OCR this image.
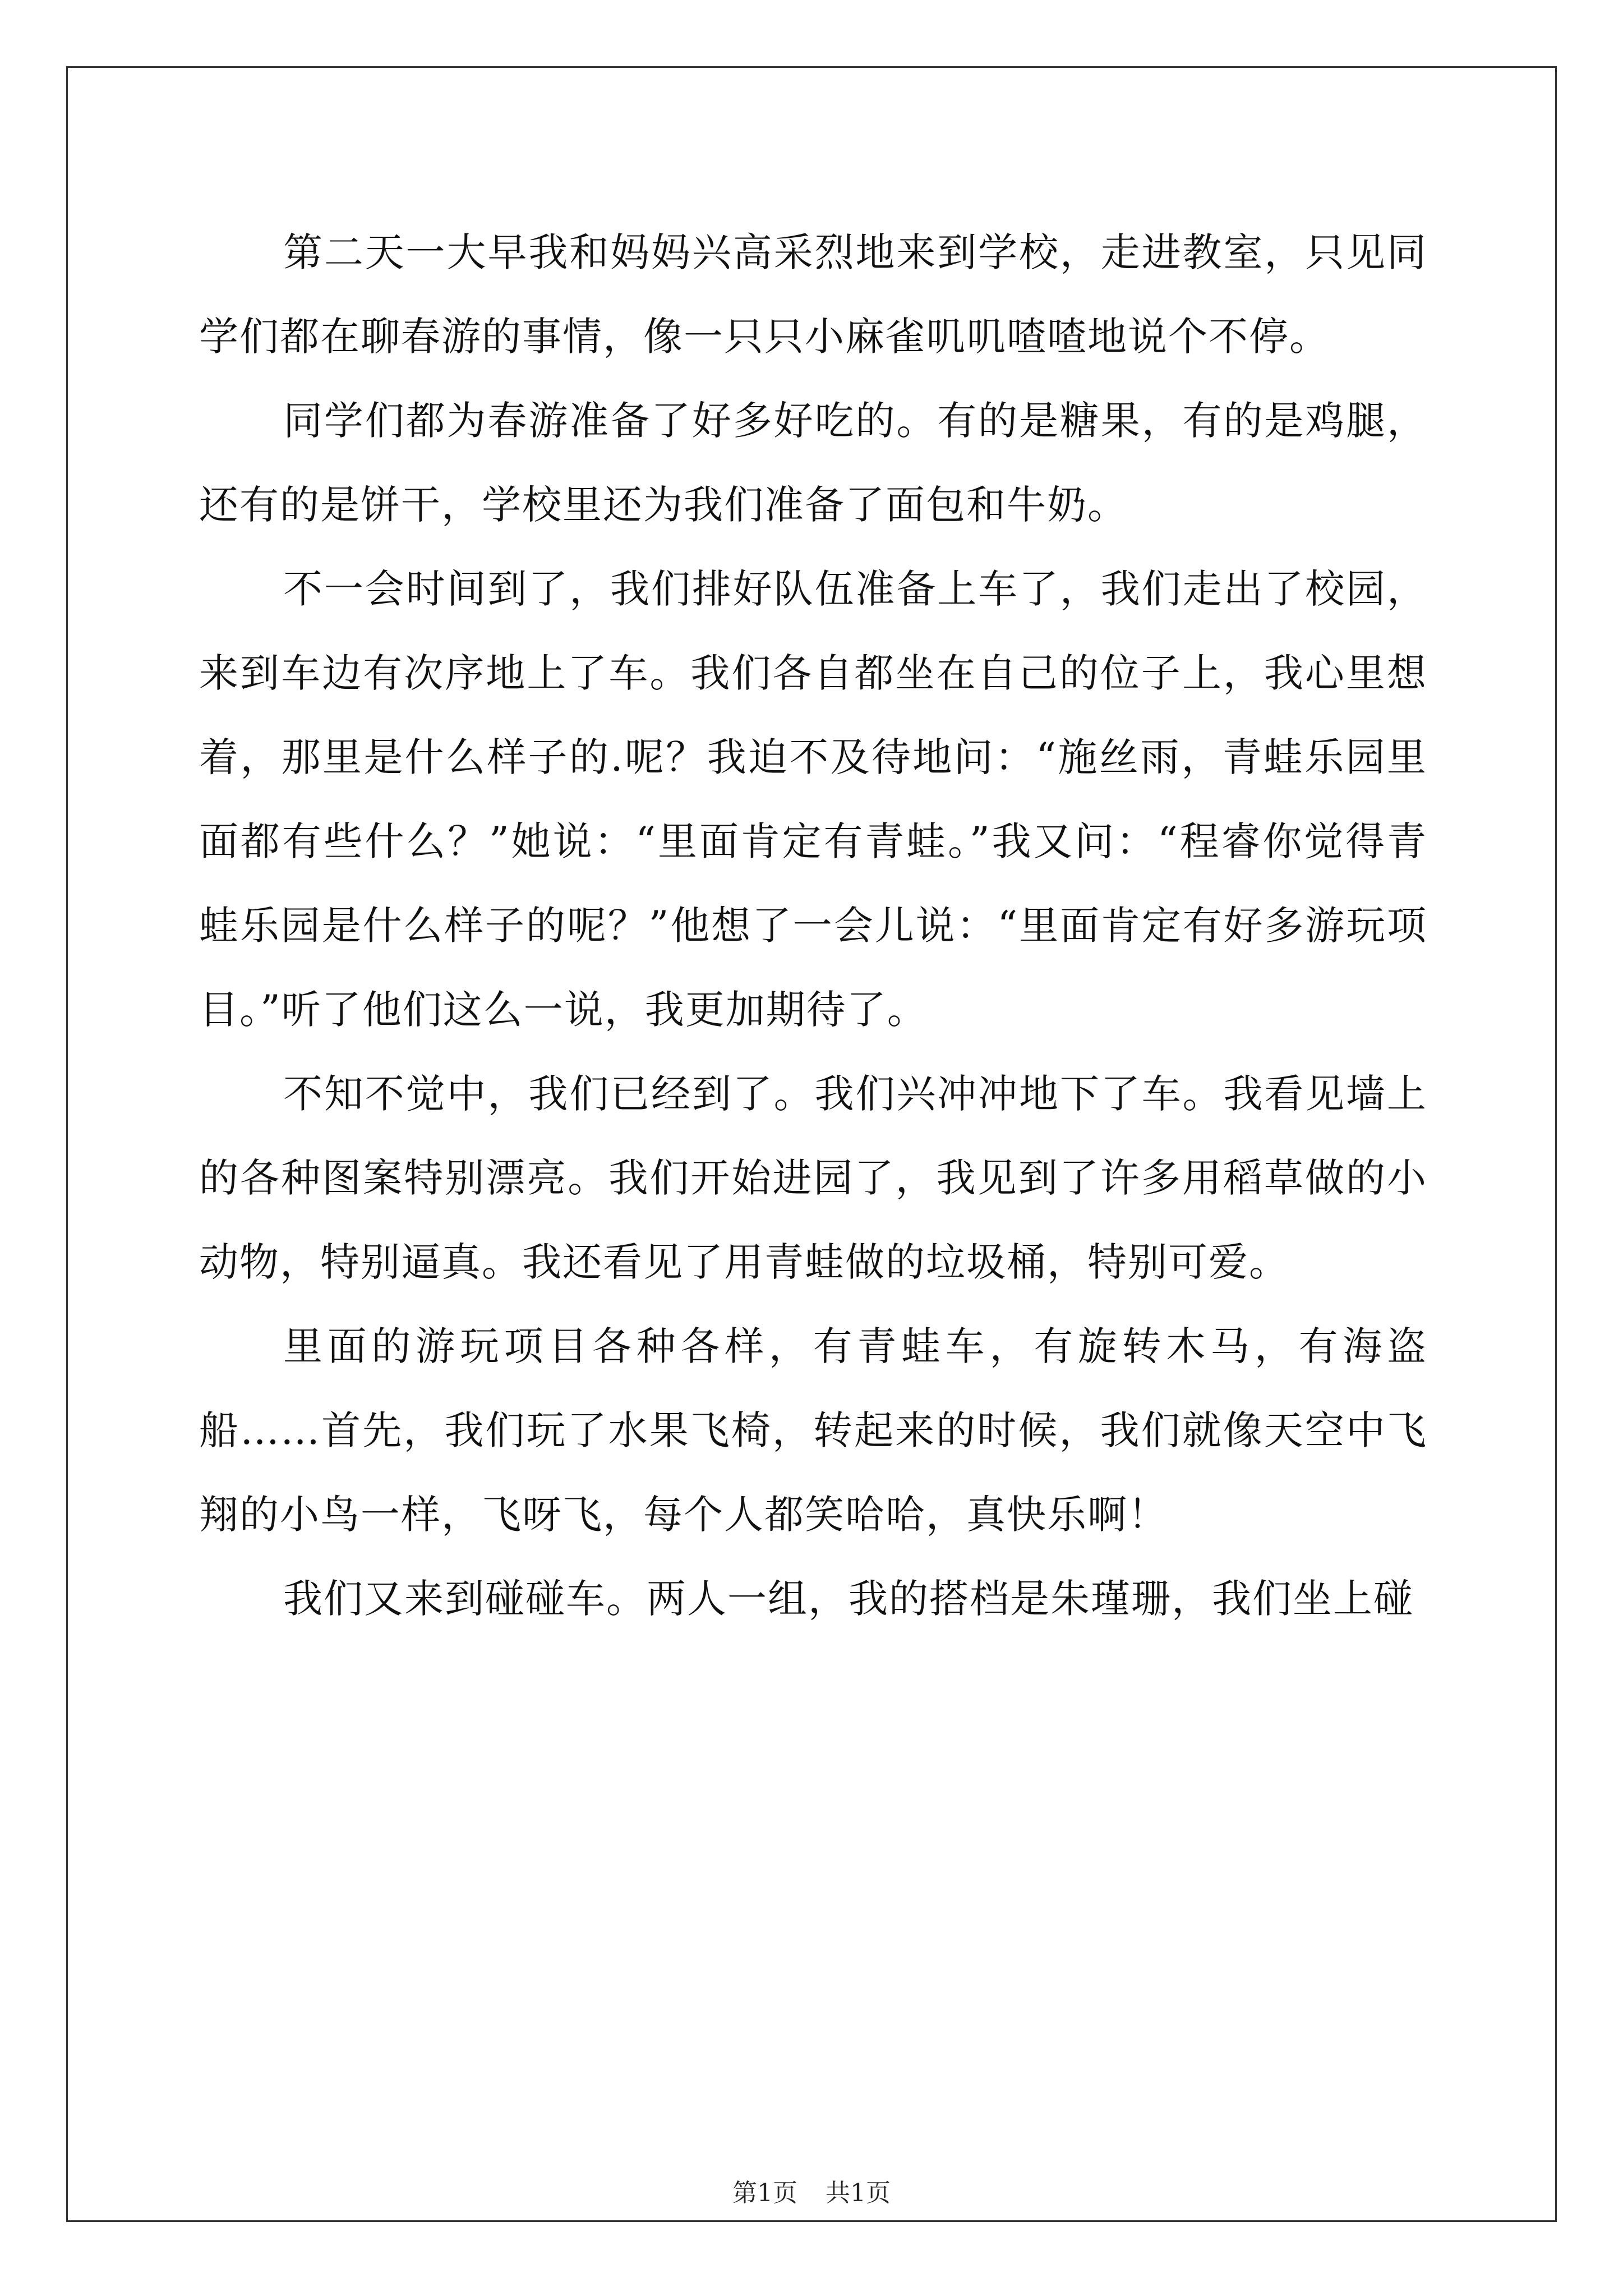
第二天一大早我和妈妈兴高采烈地来到学校，走进教室，只见同学们都在聊春游的事情，像一只只小麻雀叽叽喳喳地说个不停。

同学们都为春游准备了好多好吃的。有的是糖果，有的是鸡腿，还有的是饼干，学校里还为我们准备了面包和牛奶。

不一会时间到了，我们排好队伍准备上车了，我们走出了校园，来到车边有次序地上了车。我们各自都坐在自己的位子上，我心里想着，那里是什么样子的.呢？我迫不及待地问：“施丝雨，青蛙乐园里面都有些什么？”她说：“里面肯定有青蛙。”我又问：“程睿你觉得青蛙乐园是什么样子的呢？”他想了一会儿说：“里面肯定有好多游玩项目。”听了他们这么一说，我更加期待了。

不知不觉中，我们已经到了。我们兴冲冲地下了车。我看见墙上的各种图案特别漂亮。我们开始进园了，我见到了许多用稻草做的小动物，特别逼真。我还看见了用青蛙做的垃圾桶，特别可爱。

里面的游玩项目各种各样，有青蛙车，有旋转木马，有海盗船……首先，我们玩了水果飞椅，转起来的时候，我们就像天空中飞翔的小鸟一样，飞呀飞，每个人都笑哈哈，真快乐啊！

我们又来到碰碰车。两人一组，我的搭档是朱瑾珊，我们坐上碰

第1页 共1页
